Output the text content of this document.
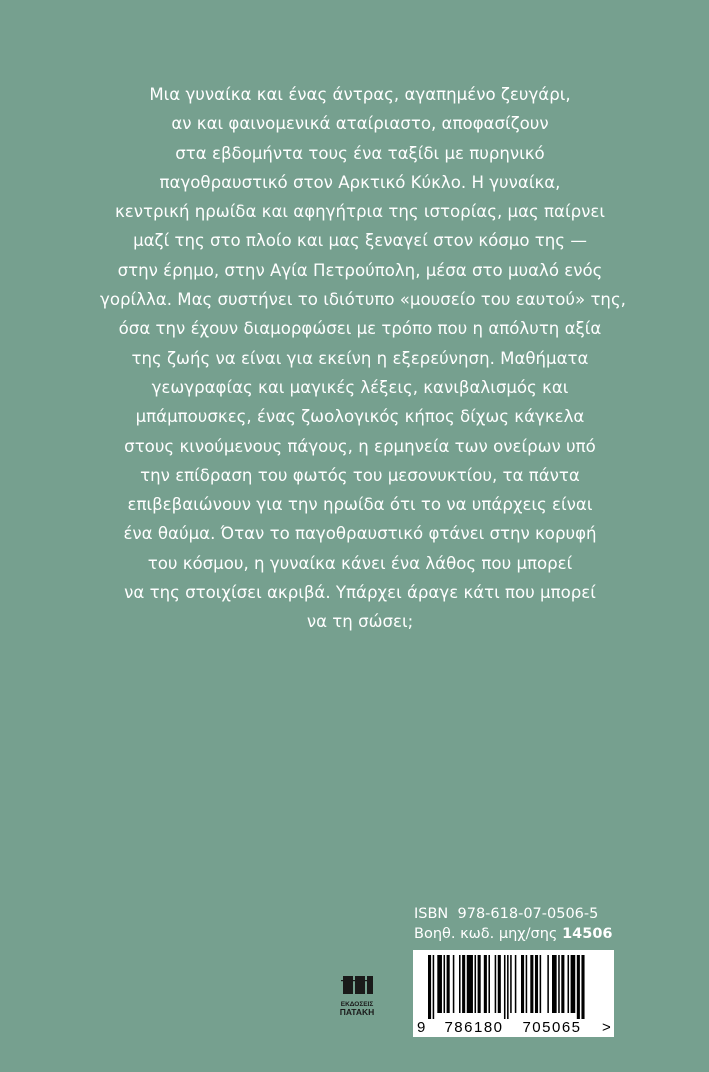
Μια γυναίκα και ένας άντρας, αγαπημένο ζευγάρι,
αν και φαινομενικά αταίριαστο, αποφασίζουν
στα εβδομήντα τους ένα ταξίδι με πυρηνικό
παγοθραυστικό στον Αρκτικό Κύκλο. Η γυναίκα,
κεντρική ηρωίδα και αφηγήτρια της ιστορίας, μας παίρνει
μαζί της στο πλοίο και μας ξεναγεί στον κόσμο της —
στην έρημο, στην Αγία Πετρούπολη, μέσα στο μυαλό ενός
γορίλλα. Μας συστήνει το ιδιότυπο «μουσείο του εαυτού» της,
όσα την έχουν διαμορφώσει με τρόπο που η απόλυτη αξία
της ζωής να είναι για εκείνη η εξερεύνηση. Μαθήματα
γεωγραφίας και μαγικές λέξεις, κανιβαλισμός και
μπάμπουσκες, ένας ζωολογικός κήπος δίχως κάγκελα
στους κινούμενους πάγους, η ερμηνεία των ονείρων υπό
την επίδραση του φωτός του μεσονυκτίου, τα πάντα
επιβεβαιώνουν για την ηρωίδα ότι το να υπάρχεις είναι
ένα θαύμα. Όταν το παγοθραυστικό φτάνει στην κορυφή
του κόσμου, η γυναίκα κάνει ένα λάθος που μπορεί
να της στοιχίσει ακριβά. Υπάρχει άραγε κάτι που μπορεί
να τη σώσει;
ISBN 978-618-07-0506-5
Βοηθ. κωδ. μηχ/σης 14506
9 786180 705065 >
ΕΚΔΟΣΕΙΣ
ΠΑΤΑΚΗ
